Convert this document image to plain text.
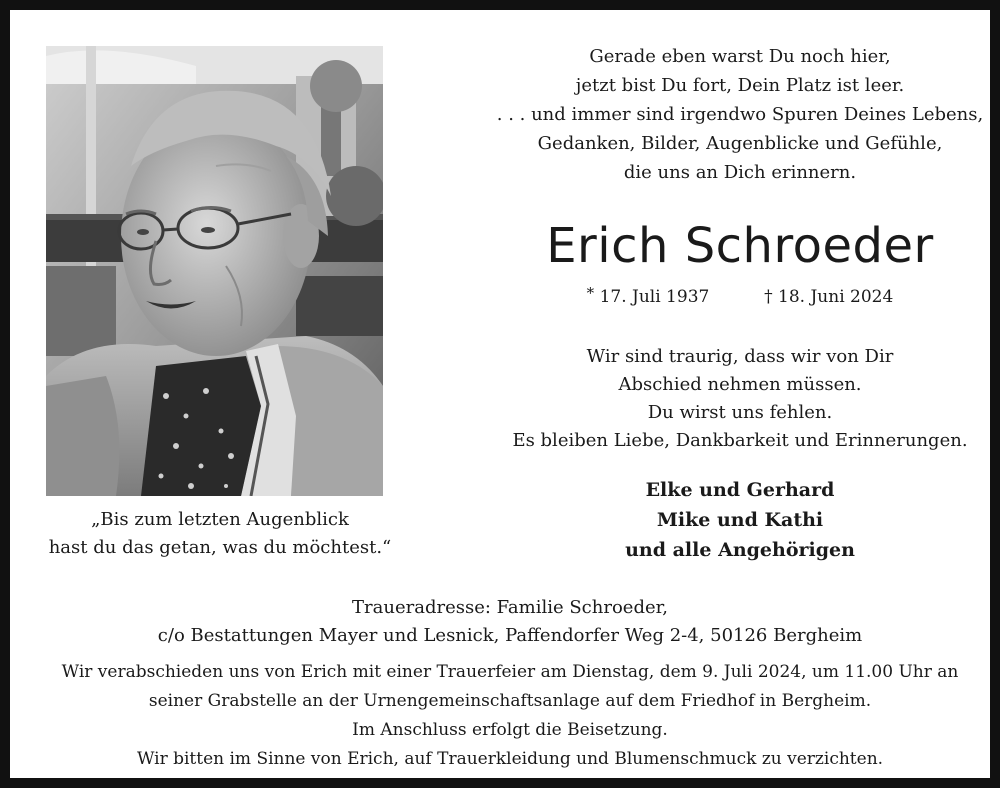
„Bis zum letzten Augenblick
hast du das getan, was du möchtest.“
Gerade eben warst Du noch hier,
jetzt bist Du fort, Dein Platz ist leer.
. . . und immer sind irgendwo Spuren Deines Lebens,
Gedanken, Bilder, Augenblicke und Gefühle,
die uns an Dich erinnern.
Erich Schroeder
* 17. Juli 1937	† 18. Juni 2024
Wir sind traurig, dass wir von Dir
Abschied nehmen müssen.
Du wirst uns fehlen.
Es bleiben Liebe, Dankbarkeit und Erinnerungen.
Elke und Gerhard
Mike und Kathi
und alle Angehörigen
Traueradresse: Familie Schroeder,
c/o Bestattungen Mayer und Lesnick, Paffendorfer Weg 2-4, 50126 Bergheim
Wir verabschieden uns von Erich mit einer Trauerfeier am Dienstag, dem 9. Juli 2024, um 11.00 Uhr an
seiner Grabstelle an der Urnengemeinschaftsanlage auf dem Friedhof in Bergheim.
Im Anschluss erfolgt die Beisetzung.
Wir bitten im Sinne von Erich, auf Trauerkleidung und Blumenschmuck zu verzichten.
